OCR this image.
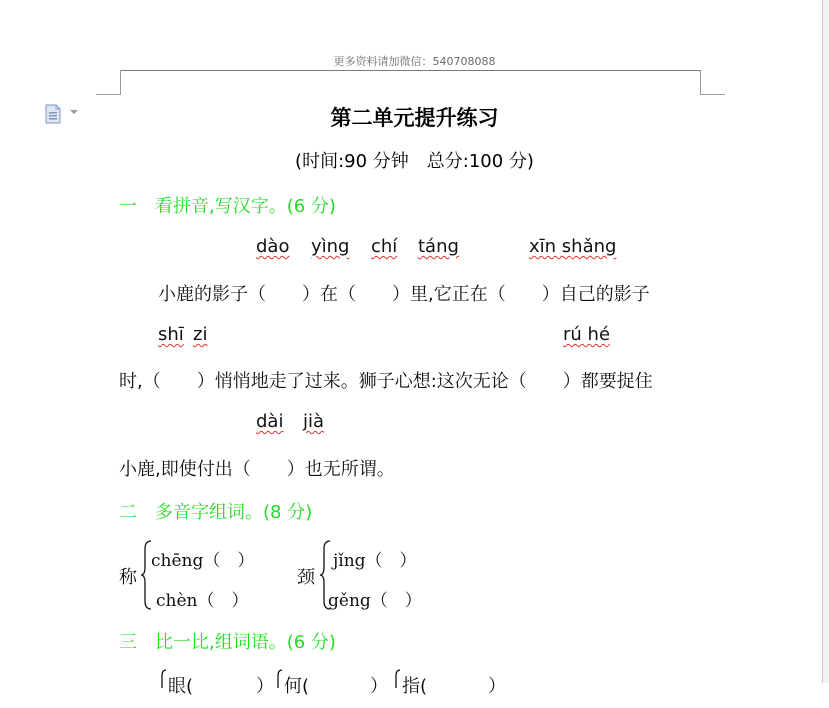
更多资料请加微信：540708088
第二单元提升练习
(时间:90 分钟　总分:100 分)
一　看拼音,写汉字。(6 分)
dào yìng chí táng	xīn shǎng
小鹿的影子（　　）在（　　）里,它正在（　　）自己的影子
shī zi	rú hé
时,（　　）悄悄地走了过来。狮子心想:这次无论（　　）都要捉住
dài jià
小鹿,即使付出（　　）也无所谓。
二　多音字组词。(8 分)
称
chēng（　）
chèn（　）
颈
jǐng（　）
gěng（　）
三　比一比,组词语。(6 分)
眼(	） 何(	） 指(	）
